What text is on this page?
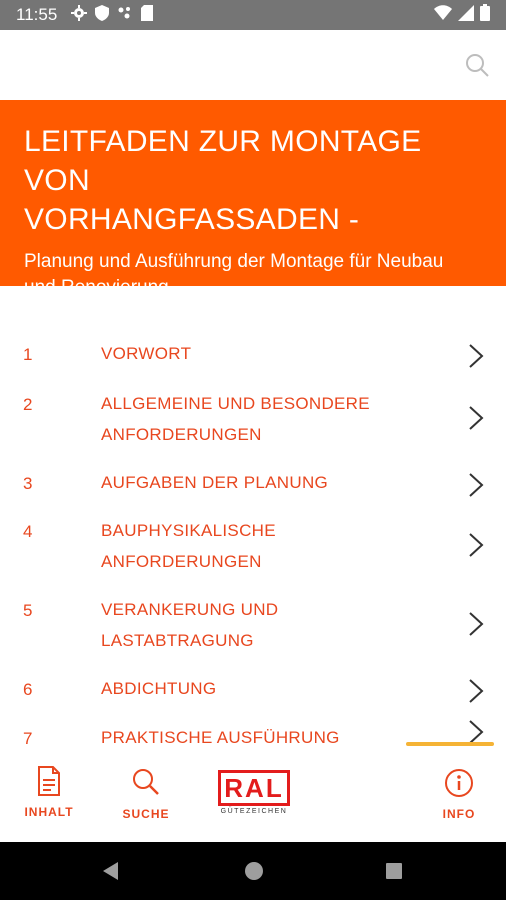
11:55
LEITFADEN ZUR MONTAGE VON
VORHANGFASSADEN -
Planung und Ausführung der Montage für Neubau
und Renovierung
1	VORWORT
2	ALLGEMEINE UND BESONDERE
ANFORDERUNGEN
3	AUFGABEN DER PLANUNG
4	BAUPHYSIKALISCHE
ANFORDERUNGEN
5	VERANKERUNG UND
LASTABTRAGUNG
6	ABDICHTUNG
7	PRAKTISCHE AUSFÜHRUNG
INHALT	SUCHE
RAL
GÜTEZEICHEN	INFO
